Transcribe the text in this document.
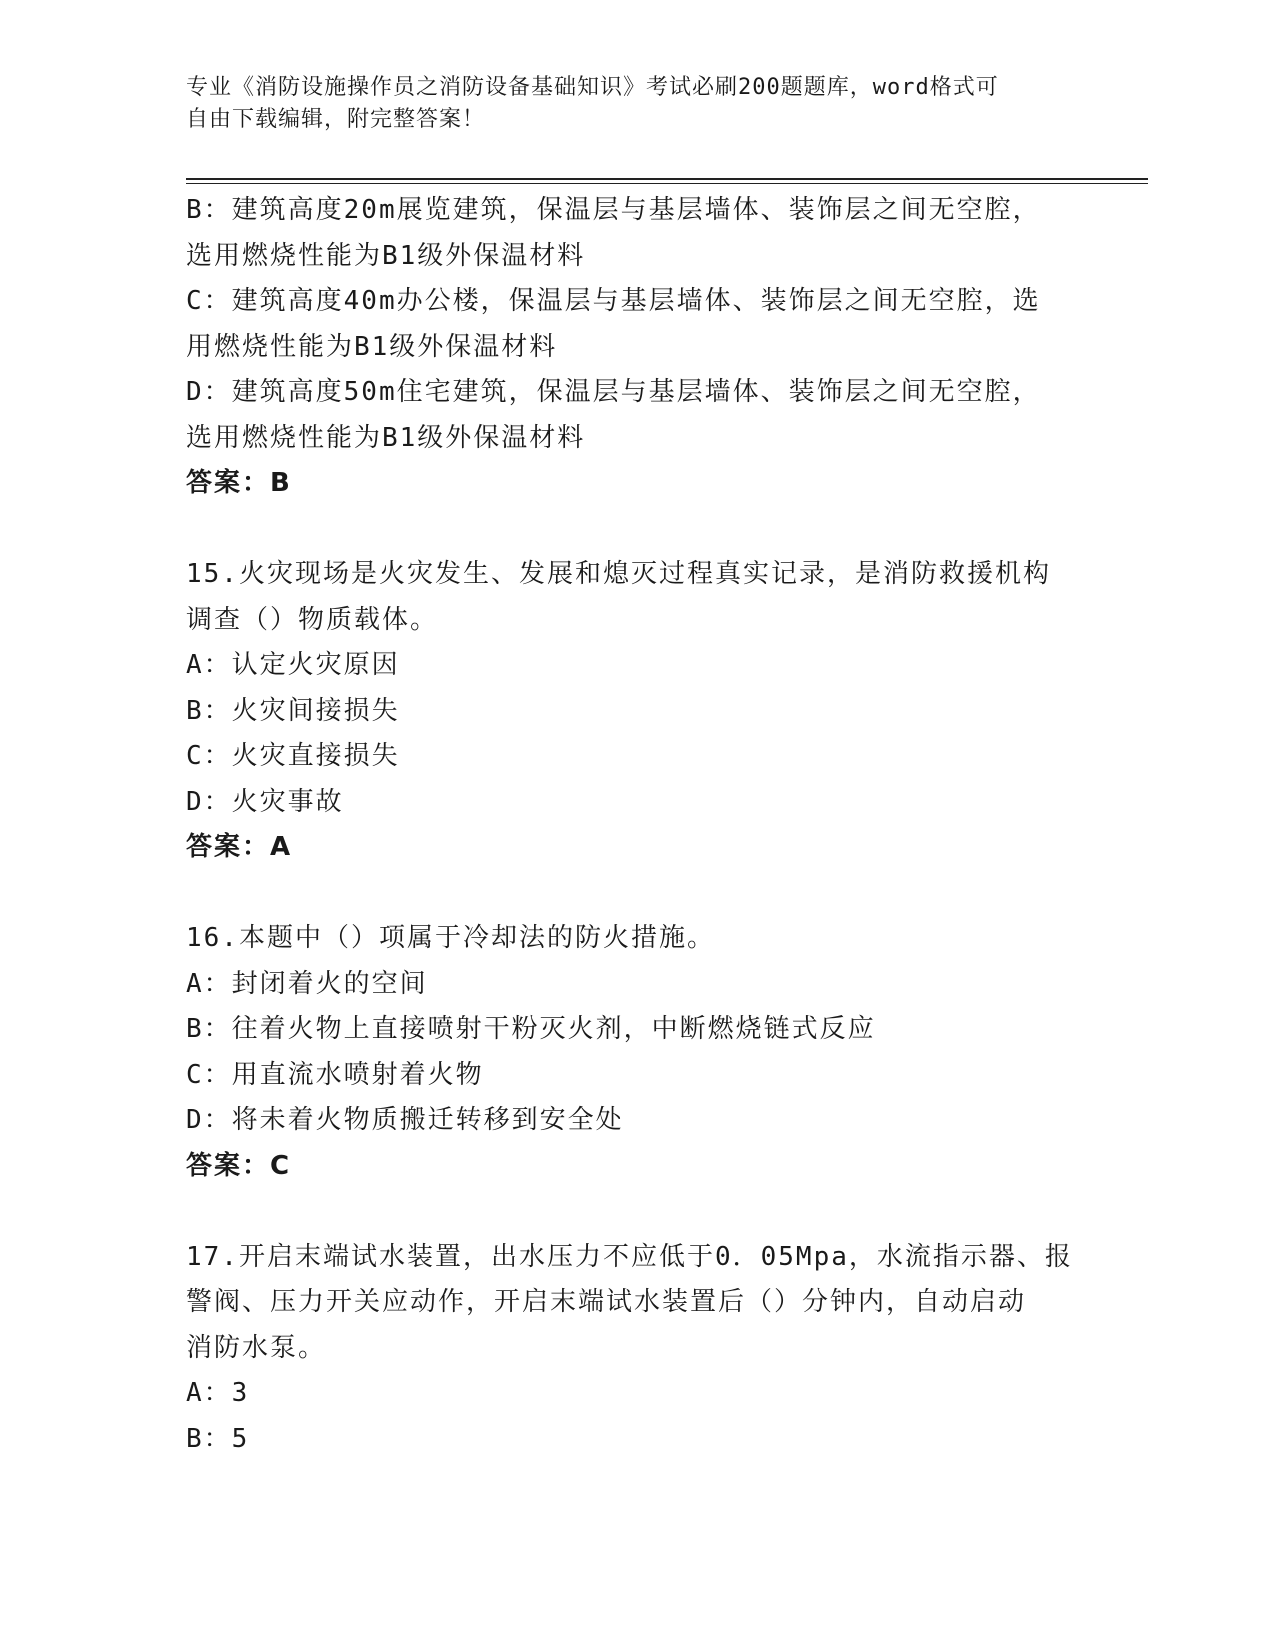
专业《消防设施操作员之消防设备基础知识》考试必刷200题题库，word格式可
自由下载编辑，附完整答案！
B：建筑高度20m展览建筑，保温层与基层墙体、装饰层之间无空腔，
选用燃烧性能为B1级外保温材料
C：建筑高度40m办公楼，保温层与基层墙体、装饰层之间无空腔，选
用燃烧性能为B1级外保温材料
D：建筑高度50m住宅建筑，保温层与基层墙体、装饰层之间无空腔，
选用燃烧性能为B1级外保温材料
答案：B
15.火灾现场是火灾发生、发展和熄灭过程真实记录，是消防救援机构
调查（）物质载体。
A：认定火灾原因
B：火灾间接损失
C：火灾直接损失
D：火灾事故
答案：A
16.本题中（）项属于冷却法的防火措施。
A：封闭着火的空间
B：往着火物上直接喷射干粉灭火剂，中断燃烧链式反应
C：用直流水喷射着火物
D：将未着火物质搬迁转移到安全处
答案：C
17.开启末端试水装置，出水压力不应低于0．05Mpa，水流指示器、报
警阀、压力开关应动作，开启末端试水装置后（）分钟内，自动启动
消防水泵。
A：3
B：5
